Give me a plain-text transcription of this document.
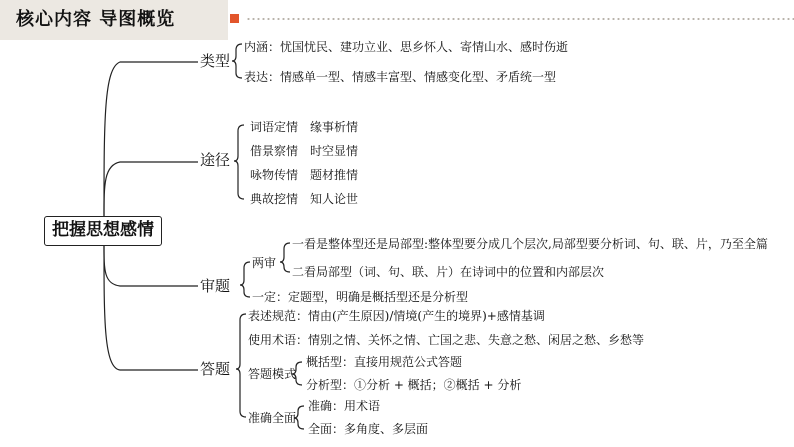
核心内容 导图概览
把握思想感情
类型
内涵：忧国忧民、建功立业、思乡怀人、寄情山水、感时伤逝
表达：情感单一型、情感丰富型、情感变化型、矛盾统一型
途径
词语定情　缘事析情
借景察情　时空显情
咏物传情　题材推情
典故挖情　知人论世
审题
两审
一看是整体型还是局部型:整体型要分成几个层次,局部型要分析词、句、联、片，乃至全篇
二看局部型（词、句、联、片）在诗词中的位置和内部层次
一定：定题型，明确是概括型还是分析型
答题
表述规范：情由(产生原因)/情境(产生的境界)+感情基调
使用术语：情别之情、关怀之情、亡国之悲、失意之愁、闲居之愁、乡愁等
答题模式
概括型：直接用规范公式答题
分析型：①分析 + 概括；②概括 + 分析
准确全面
准确：用术语
全面：多角度、多层面
